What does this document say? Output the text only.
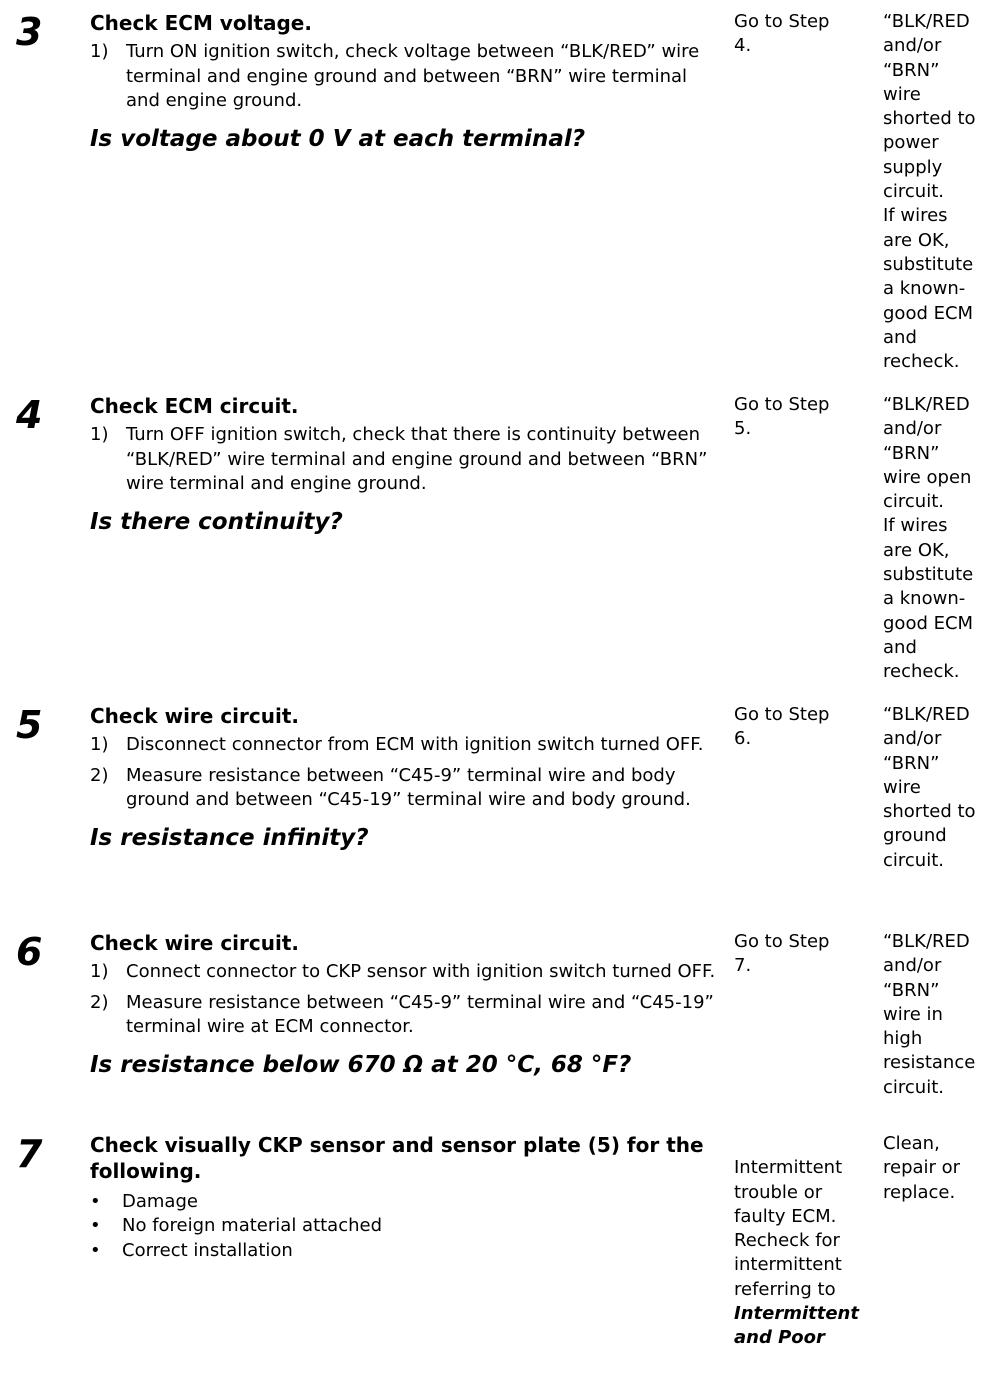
3 Check ECM voltage.
1) Turn ON ignition switch, check voltage between “BLK/RED” wire terminal and engine ground and between “BRN” wire terminal and engine ground.
Is voltage about 0 V at each terminal?
Go to Step
4.
“BLK/RED
and/or
“BRN”
wire
shorted to
power
supply
circuit.
If wires
are OK,
substitute
a known-
good ECM
and
recheck.
4 Check ECM circuit.
1) Turn OFF ignition switch, check that there is continuity between “BLK/RED” wire terminal and engine ground and between “BRN” wire terminal and engine ground.
Is there continuity?
Go to Step
5.
“BLK/RED
and/or
“BRN”
wire open
circuit.
If wires
are OK,
substitute
a known-
good ECM
and
recheck.
5 Check wire circuit.
1) Disconnect connector from ECM with ignition switch turned OFF.
2) Measure resistance between “C45-9” terminal wire and body ground and between “C45-19” terminal wire and body ground.
Is resistance infinity?
Go to Step
6.
“BLK/RED
and/or
“BRN”
wire
shorted to
ground
circuit.
6 Check wire circuit.
1) Connect connector to CKP sensor with ignition switch turned OFF.
2) Measure resistance between “C45-9” terminal wire and “C45-19” terminal wire at ECM connector.
Is resistance below 670 Ω at 20 °C, 68 °F?
Go to Step
7.
“BLK/RED
and/or
“BRN”
wire in
high
resistance
circuit.
7 Check visually CKP sensor and sensor plate (5) for the following.
• Damage
• No foreign material attached
• Correct installation

Intermittent
trouble or
faulty ECM.
Recheck for
intermittent
referring to

Intermittent
and Poor

Clean,
repair or
replace.
